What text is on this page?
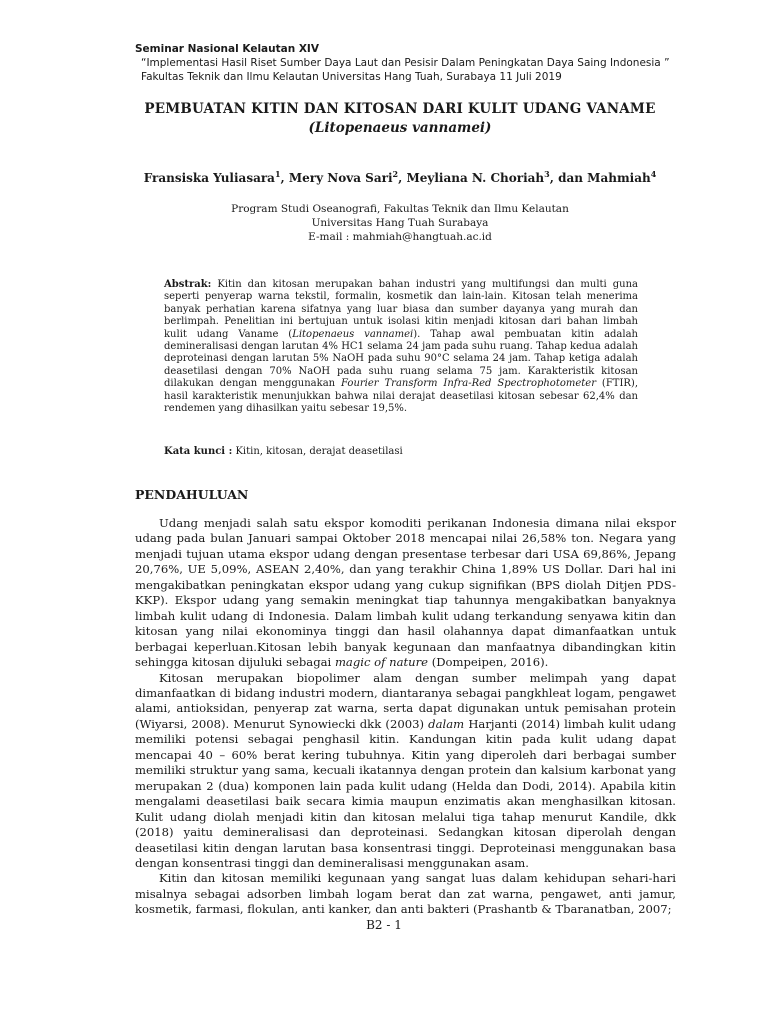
Seminar Nasional Kelautan XIV
“Implementasi Hasil Riset Sumber Daya Laut dan Pesisir Dalam Peningkatan Daya Saing Indonesia ”
Fakultas Teknik dan Ilmu Kelautan Universitas Hang Tuah, Surabaya 11 Juli 2019
PEMBUATAN KITIN DAN KITOSAN DARI KULIT UDANG VANAME
(Litopenaeus vannamei)
Fransiska Yuliasara$^1$, Mery Nova Sari$^2$, Meyliana N. Choriah$^3$, dan Mahmiah$^4$
Program Studi Oseanografi, Fakultas Teknik dan Ilmu Kelautan
Universitas Hang Tuah Surabaya
E-mail : mahmiah@hangtuah.ac.id
Abstrak: Kitin dan kitosan merupakan bahan industri yang multifungsi dan multi guna seperti penyerap warna tekstil, formalin, kosmetik dan lain-lain. Kitosan telah menerima banyak perhatian karena sifatnya yang luar biasa dan sumber dayanya yang murah dan berlimpah. Penelitian ini bertujuan untuk isolasi kitin menjadi kitosan dari bahan limbah kulit udang Vaname (Litopenaeus vannamei). Tahap awal pembuatan kitin adalah demineralisasi dengan larutan 4% HC1 selama 24 jam pada suhu ruang. Tahap kedua adalah deproteinasi dengan larutan 5% NaOH pada suhu 90°C selama 24 jam. Tahap ketiga adalah deasetilasi dengan 70% NaOH pada suhu ruang selama 75 jam. Karakteristik kitosan dilakukan dengan menggunakan Fourier Transform Infra-Red Spectrophotometer (FTIR), hasil karakteristik menunjukkan bahwa nilai derajat deasetilasi kitosan sebesar 62,4% dan rendemen yang dihasilkan yaitu sebesar 19,5%.
Kata kunci : Kitin, kitosan, derajat deasetilasi
PENDAHULUAN

Udang menjadi salah satu ekspor komoditi perikanan Indonesia dimana nilai ekspor udang pada bulan Januari sampai Oktober 2018 mencapai nilai 26,58% ton. Negara yang menjadi tujuan utama ekspor udang dengan presentase terbesar dari USA 69,86%, Jepang 20,76%, UE 5,09%, ASEAN 2,40%, dan yang terakhir China 1,89% US Dollar. Dari hal ini mengakibatkan peningkatan ekspor udang yang cukup signifikan (BPS diolah Ditjen PDS-KKP). Ekspor udang yang semakin meningkat tiap tahunnya mengakibatkan banyaknya limbah kulit udang di Indonesia. Dalam limbah kulit udang terkandung senyawa kitin dan kitosan yang nilai ekonominya tinggi dan hasil olahannya dapat dimanfaatkan untuk berbagai keperluan.Kitosan lebih banyak kegunaan dan manfaatnya dibandingkan kitin sehingga kitosan dijuluki sebagai magic of nature (Dompeipen, 2016).

Kitosan merupakan biopolimer alam dengan sumber melimpah yang dapat dimanfaatkan di bidang industri modern, diantaranya sebagai pangkhleat logam, pengawet alami, antioksidan, penyerap zat warna, serta dapat digunakan untuk pemisahan protein (Wiyarsi, 2008). Menurut Synowiecki dkk (2003) dalam Harjanti (2014) limbah kulit udang memiliki potensi sebagai penghasil kitin. Kandungan kitin pada kulit udang dapat mencapai 40 – 60% berat kering tubuhnya. Kitin yang diperoleh dari berbagai sumber memiliki struktur yang sama, kecuali ikatannya dengan protein dan kalsium karbonat yang merupakan 2 (dua) komponen lain pada kulit udang (Helda dan Dodi, 2014). Apabila kitin mengalami deasetilasi baik secara kimia maupun enzimatis akan menghasilkan kitosan. Kulit udang diolah menjadi kitin dan kitosan melalui tiga tahap menurut Kandile, dkk (2018) yaitu demineralisasi dan deproteinasi. Sedangkan kitosan diperolah dengan deasetilasi kitin dengan larutan basa konsentrasi tinggi. Deproteinasi menggunakan basa dengan konsentrasi tinggi dan demineralisasi menggunakan asam.

Kitin dan kitosan memiliki kegunaan yang sangat luas dalam kehidupan sehari-hari misalnya sebagai adsorben limbah logam berat dan zat warna, pengawet, anti jamur, kosmetik, farmasi, flokulan, anti kanker, dan anti bakteri (Prashantb & Tbaranatban, 2007;

B2 - 1
